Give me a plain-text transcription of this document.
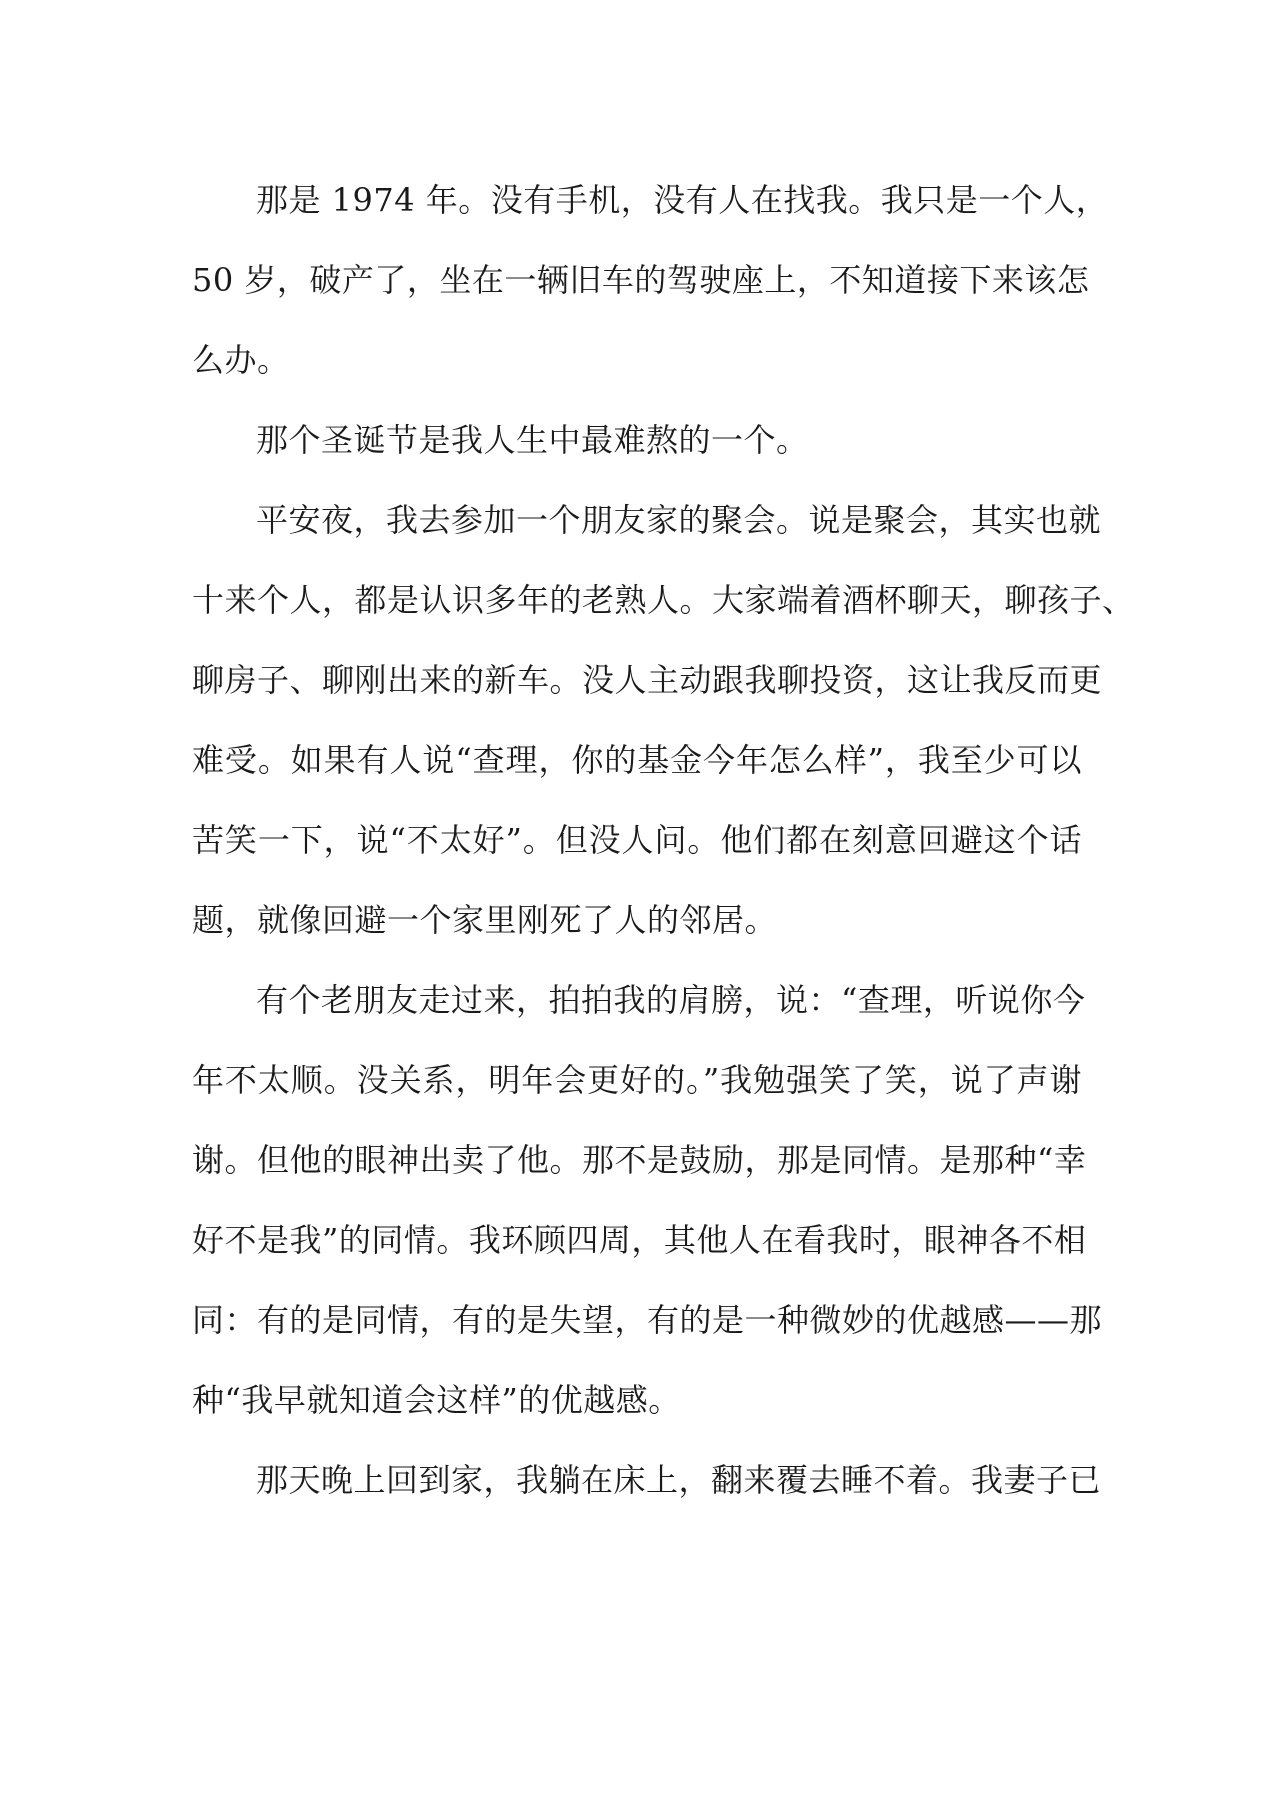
那是 1974 年。没有手机，没有人在找我。我只是一个人，
50 岁，破产了，坐在一辆旧车的驾驶座上，不知道接下来该怎
么办。
那个圣诞节是我人生中最难熬的一个。
平安夜，我去参加一个朋友家的聚会。说是聚会，其实也就
十来个人，都是认识多年的老熟人。大家端着酒杯聊天，聊孩子、
聊房子、聊刚出来的新车。没人主动跟我聊投资，这让我反而更
难受。如果有人说“查理，你的基金今年怎么样”，我至少可以
苦笑一下，说“不太好”。但没人问。他们都在刻意回避这个话
题，就像回避一个家里刚死了人的邻居。
有个老朋友走过来，拍拍我的肩膀，说：“查理，听说你今
年不太顺。没关系，明年会更好的。”我勉强笑了笑，说了声谢
谢。但他的眼神出卖了他。那不是鼓励，那是同情。是那种“幸
好不是我”的同情。我环顾四周，其他人在看我时，眼神各不相
同：有的是同情，有的是失望，有的是一种微妙的优越感——那
种“我早就知道会这样”的优越感。
那天晚上回到家，我躺在床上，翻来覆去睡不着。我妻子已
